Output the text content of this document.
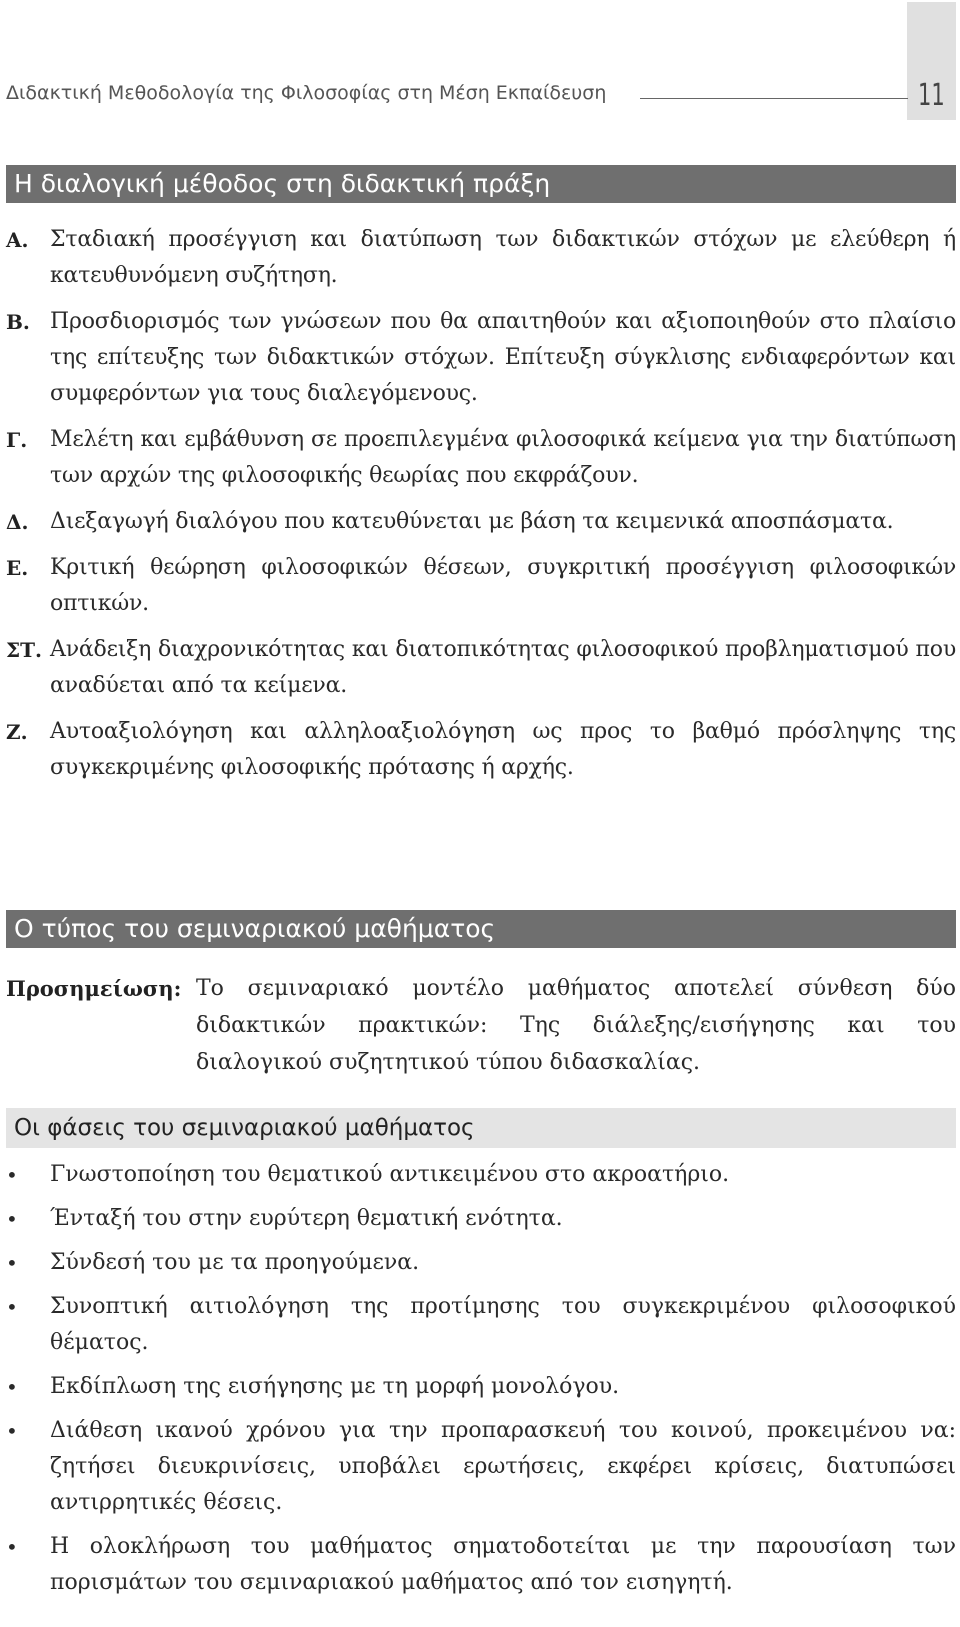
Διδακτική Μεθοδολογία της Φιλοσοφίας στη Μέση Εκπαίδευση	11
Η διαλογική μέθοδος στη διδακτική πράξη
Α. Σταδιακή προσέγγιση και διατύπωση των διδακτικών στόχων με ελεύθερη ή κατευθυνόμενη συζήτηση.
Β. Προσδιορισμός των γνώσεων που θα απαιτηθούν και αξιοποιηθούν στο πλαίσιο της επίτευξης των διδακτικών στόχων. Επίτευξη σύγκλισης ενδιαφερόντων και συμφερόντων για τους διαλεγόμενους.
Γ. Μελέτη και εμβάθυνση σε προεπιλεγμένα φιλοσοφικά κείμενα για την διατύπωση των αρχών της φιλοσοφικής θεωρίας που εκφράζουν.
Δ. Διεξαγωγή διαλόγου που κατευθύνεται με βάση τα κειμενικά αποσπάσματα.
Ε. Κριτική θεώρηση φιλοσοφικών θέσεων, συγκριτική προσέγγιση φιλοσοφικών οπτικών.
ΣΤ. Ανάδειξη διαχρονικότητας και διατοπικότητας φιλοσοφικού προβληματισμού που αναδύεται από τα κείμενα.
Ζ. Αυτοαξιολόγηση και αλληλοαξιολόγηση ως προς το βαθμό πρόσληψης της συγκεκριμένης φιλοσοφικής πρότασης ή αρχής.
Ο τύπος του σεμιναριακού μαθήματος
Προσημείωση: Το σεμιναριακό μοντέλο μαθήματος αποτελεί σύνθεση δύο διδακτικών πρακτικών: Της διάλεξης/εισήγησης και του διαλογικού συζητητικού τύπου διδασκαλίας.
Οι φάσεις του σεμιναριακού μαθήματος
• Γνωστοποίηση του θεματικού αντικειμένου στο ακροατήριο.
• Ένταξή του στην ευρύτερη θεματική ενότητα.
• Σύνδεσή του με τα προηγούμενα.
• Συνοπτική αιτιολόγηση της προτίμησης του συγκεκριμένου φιλοσοφικού θέματος.
• Εκδίπλωση της εισήγησης με τη μορφή μονολόγου.
• Διάθεση ικανού χρόνου για την προπαρασκευή του κοινού, προκειμένου να: ζητήσει διευκρινίσεις, υποβάλει ερωτήσεις, εκφέρει κρίσεις, διατυπώσει αντιρρητικές θέσεις.
• Η ολοκλήρωση του μαθήματος σηματοδοτείται με την παρουσίαση των πορισμάτων του σεμιναριακού μαθήματος από τον εισηγητή.
